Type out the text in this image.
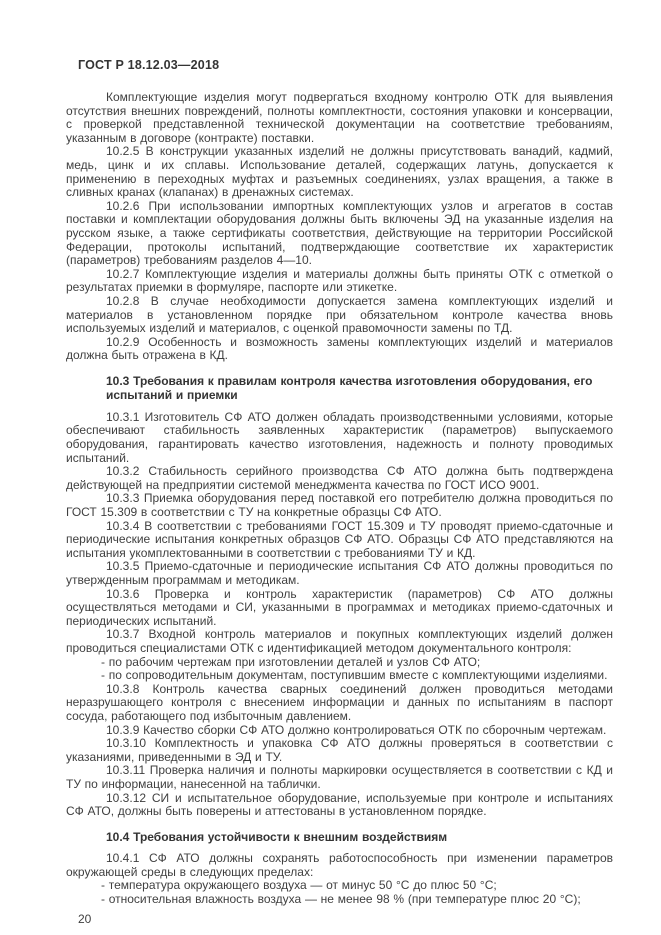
ГОСТ Р 18.12.03—2018

Комплектующие изделия могут подвергаться входному контролю ОТК для выявления отсутствия внешних повреждений, полноты комплектности, состояния упаковки и консервации, с проверкой представленной технической документации на соответствие требованиям, указанным в договоре (контракте) поставки.

10.2.5 В конструкции указанных изделий не должны присутствовать ванадий, кадмий, медь, цинк и их сплавы. Использование деталей, содержащих латунь, допускается к применению в переходных муфтах и разъемных соединениях, узлах вращения, а также в сливных кранах (клапанах) в дренажных системах.

10.2.6 При использовании импортных комплектующих узлов и агрегатов в состав поставки и комплектации оборудования должны быть включены ЭД на указанные изделия на русском языке, а также сертификаты соответствия, действующие на территории Российской Федерации, протоколы испытаний, подтверждающие соответствие их характеристик (параметров) требованиям разделов 4—10.

10.2.7 Комплектующие изделия и материалы должны быть приняты ОТК с отметкой о результатах приемки в формуляре, паспорте или этикетке.

10.2.8 В случае необходимости допускается замена комплектующих изделий и материалов в установленном порядке при обязательном контроле качества вновь используемых изделий и материалов, с оценкой правомочности замены по ТД.

10.2.9 Особенность и возможность замены комплектующих изделий и материалов должна быть отражена в КД.

10.3 Требования к правилам контроля качества изготовления оборудования, его испытаний и приемки

10.3.1 Изготовитель СФ АТО должен обладать производственными условиями, которые обеспечивают стабильность заявленных характеристик (параметров) выпускаемого оборудования, гарантировать качество изготовления, надежность и полноту проводимых испытаний.

10.3.2 Стабильность серийного производства СФ АТО должна быть подтверждена действующей на предприятии системой менеджмента качества по ГОСТ ИСО 9001.

10.3.3 Приемка оборудования перед поставкой его потребителю должна проводиться по ГОСТ 15.309 в соответствии с ТУ на конкретные образцы СФ АТО.

10.3.4 В соответствии с требованиями ГОСТ 15.309 и ТУ проводят приемо-сдаточные и периодические испытания конкретных образцов СФ АТО. Образцы СФ АТО представляются на испытания укомплектованными в соответствии с требованиями ТУ и КД.

10.3.5 Приемо-сдаточные и периодические испытания СФ АТО должны проводиться по утвержденным программам и методикам.

10.3.6 Проверка и контроль характеристик (параметров) СФ АТО должны осуществляться методами и СИ, указанными в программах и методиках приемо-сдаточных и периодических испытаний.

10.3.7 Входной контроль материалов и покупных комплектующих изделий должен проводиться специалистами ОТК с идентификацией методом документального контроля:

- по рабочим чертежам при изготовлении деталей и узлов СФ АТО;

- по сопроводительным документам, поступившим вместе с комплектующими изделиями.

10.3.8 Контроль качества сварных соединений должен проводиться методами неразрушающего контроля с внесением информации и данных по испытаниям в паспорт сосуда, работающего под избыточным давлением.

10.3.9 Качество сборки СФ АТО должно контролироваться ОТК по сборочным чертежам.

10.3.10 Комплектность и упаковка СФ АТО должны проверяться в соответствии с указаниями, приведенными в ЭД и ТУ.

10.3.11 Проверка наличия и полноты маркировки осуществляется в соответствии с КД и ТУ по информации, нанесенной на таблички.

10.3.12 СИ и испытательное оборудование, используемые при контроле и испытаниях СФ АТО, должны быть поверены и аттестованы в установленном порядке.

10.4 Требования устойчивости к внешним воздействиям

10.4.1 СФ АТО должны сохранять работоспособность при изменении параметров окружающей среды в следующих пределах:

- температура окружающего воздуха — от минус 50 °С до плюс 50 °С;

- относительная влажность воздуха — не менее 98 % (при температуре плюс 20 °С);

20
